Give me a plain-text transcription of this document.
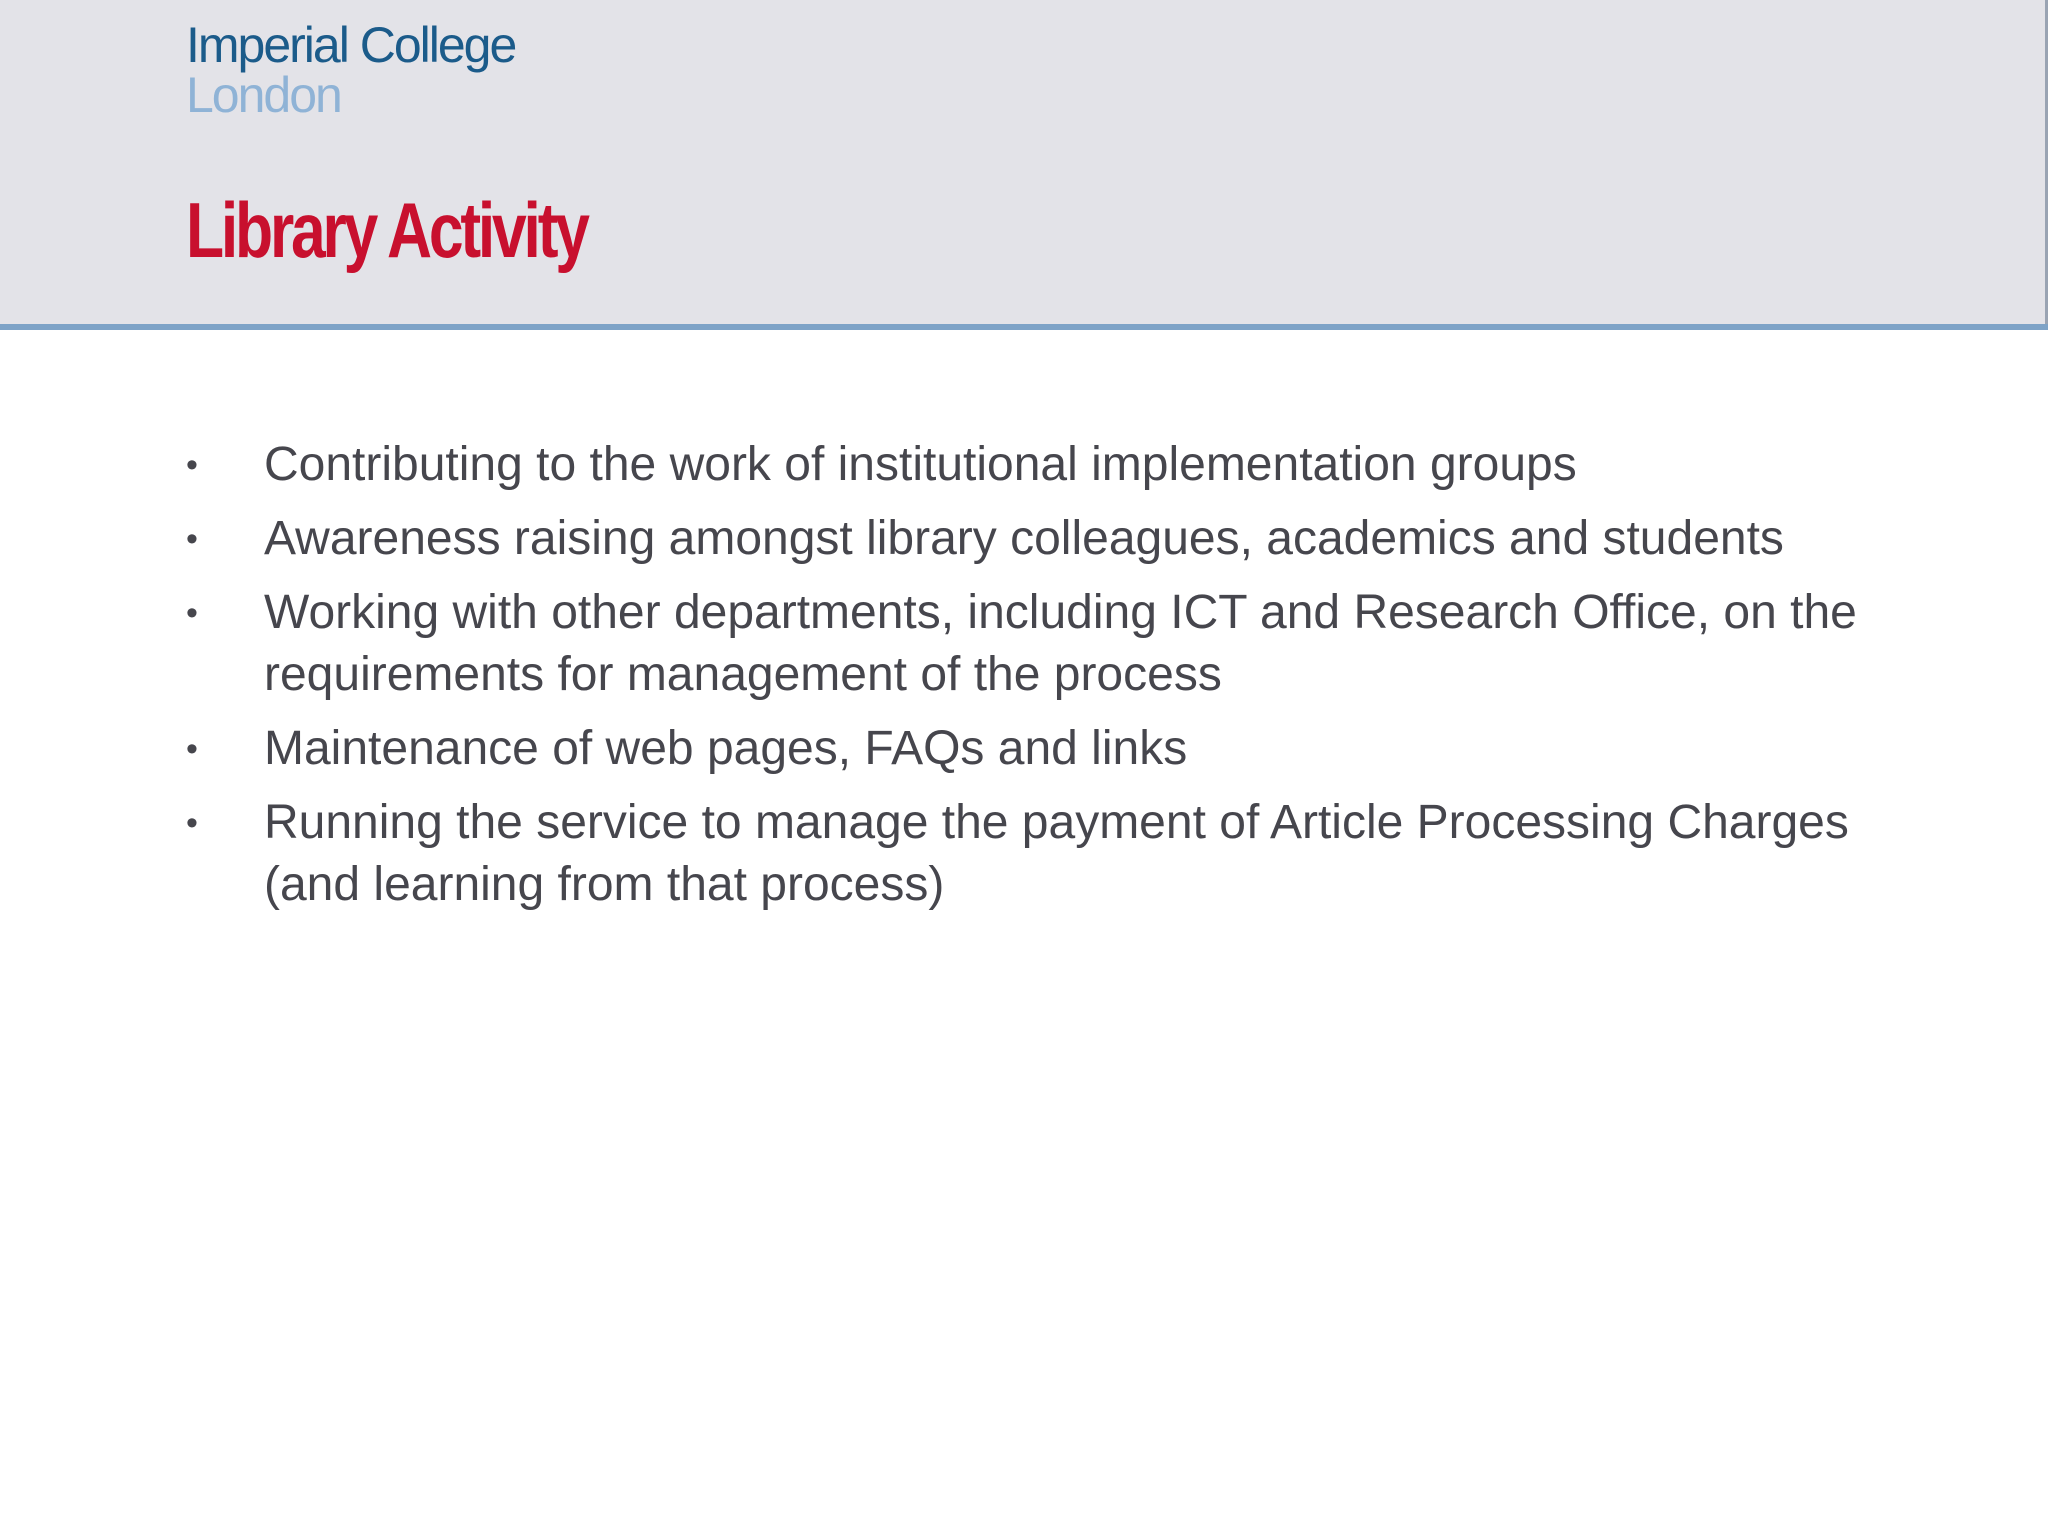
Imperial College
London
Library Activity
• Contributing to the work of institutional implementation groups
• Awareness raising amongst library colleagues, academics and students
• Working with other departments, including ICT and Research Office, on the requirements for management of the process
• Maintenance of web pages, FAQs and links
• Running the service to manage the payment of Article Processing Charges (and learning from that process)
